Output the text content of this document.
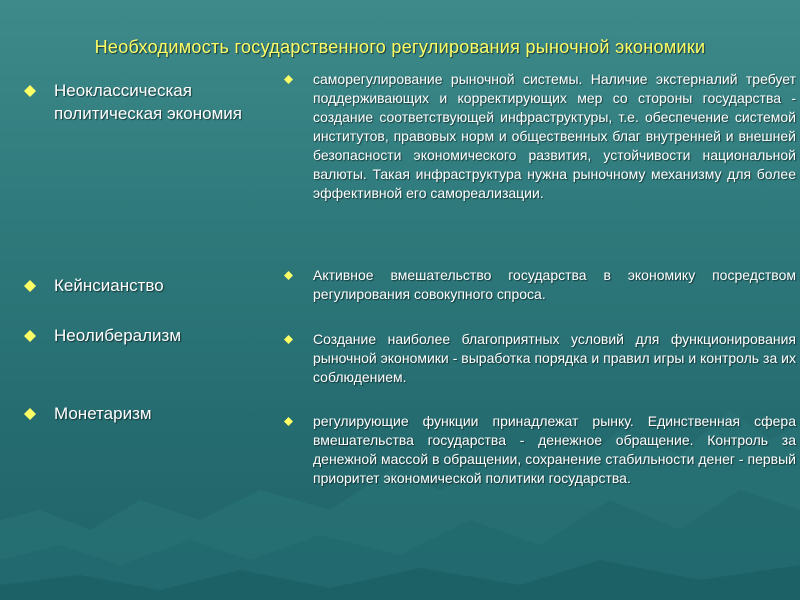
Необходимость государственного регулирования рыночной экономики
Неоклассическая политическая экономия
Кейнсианство
Неолиберализм
Монетаризм
саморегулирование рыночной системы. Наличие экстерналий требует поддерживающих и корректирующих мер со стороны государства - создание соответствующей инфраструктуры, т.е. обеспечение системой институтов, правовых норм и общественных благ внутренней и внешней безопасности экономического развития, устойчивости национальной валюты. Такая инфраструктура нужна рыночному механизму для более эффективной его самореализации.
Активное вмешательство государства в экономику посредством регулирования совокупного спроса.
Создание наиболее благоприятных условий для функционирования рыночной экономики - выработка порядка и правил игры и контроль за их соблюдением.
регулирующие функции принадлежат рынку. Единственная сфера вмешательства государства - денежное обращение. Контроль за денежной массой в обращении, сохранение стабильности денег - первый приоритет экономической политики государства.
